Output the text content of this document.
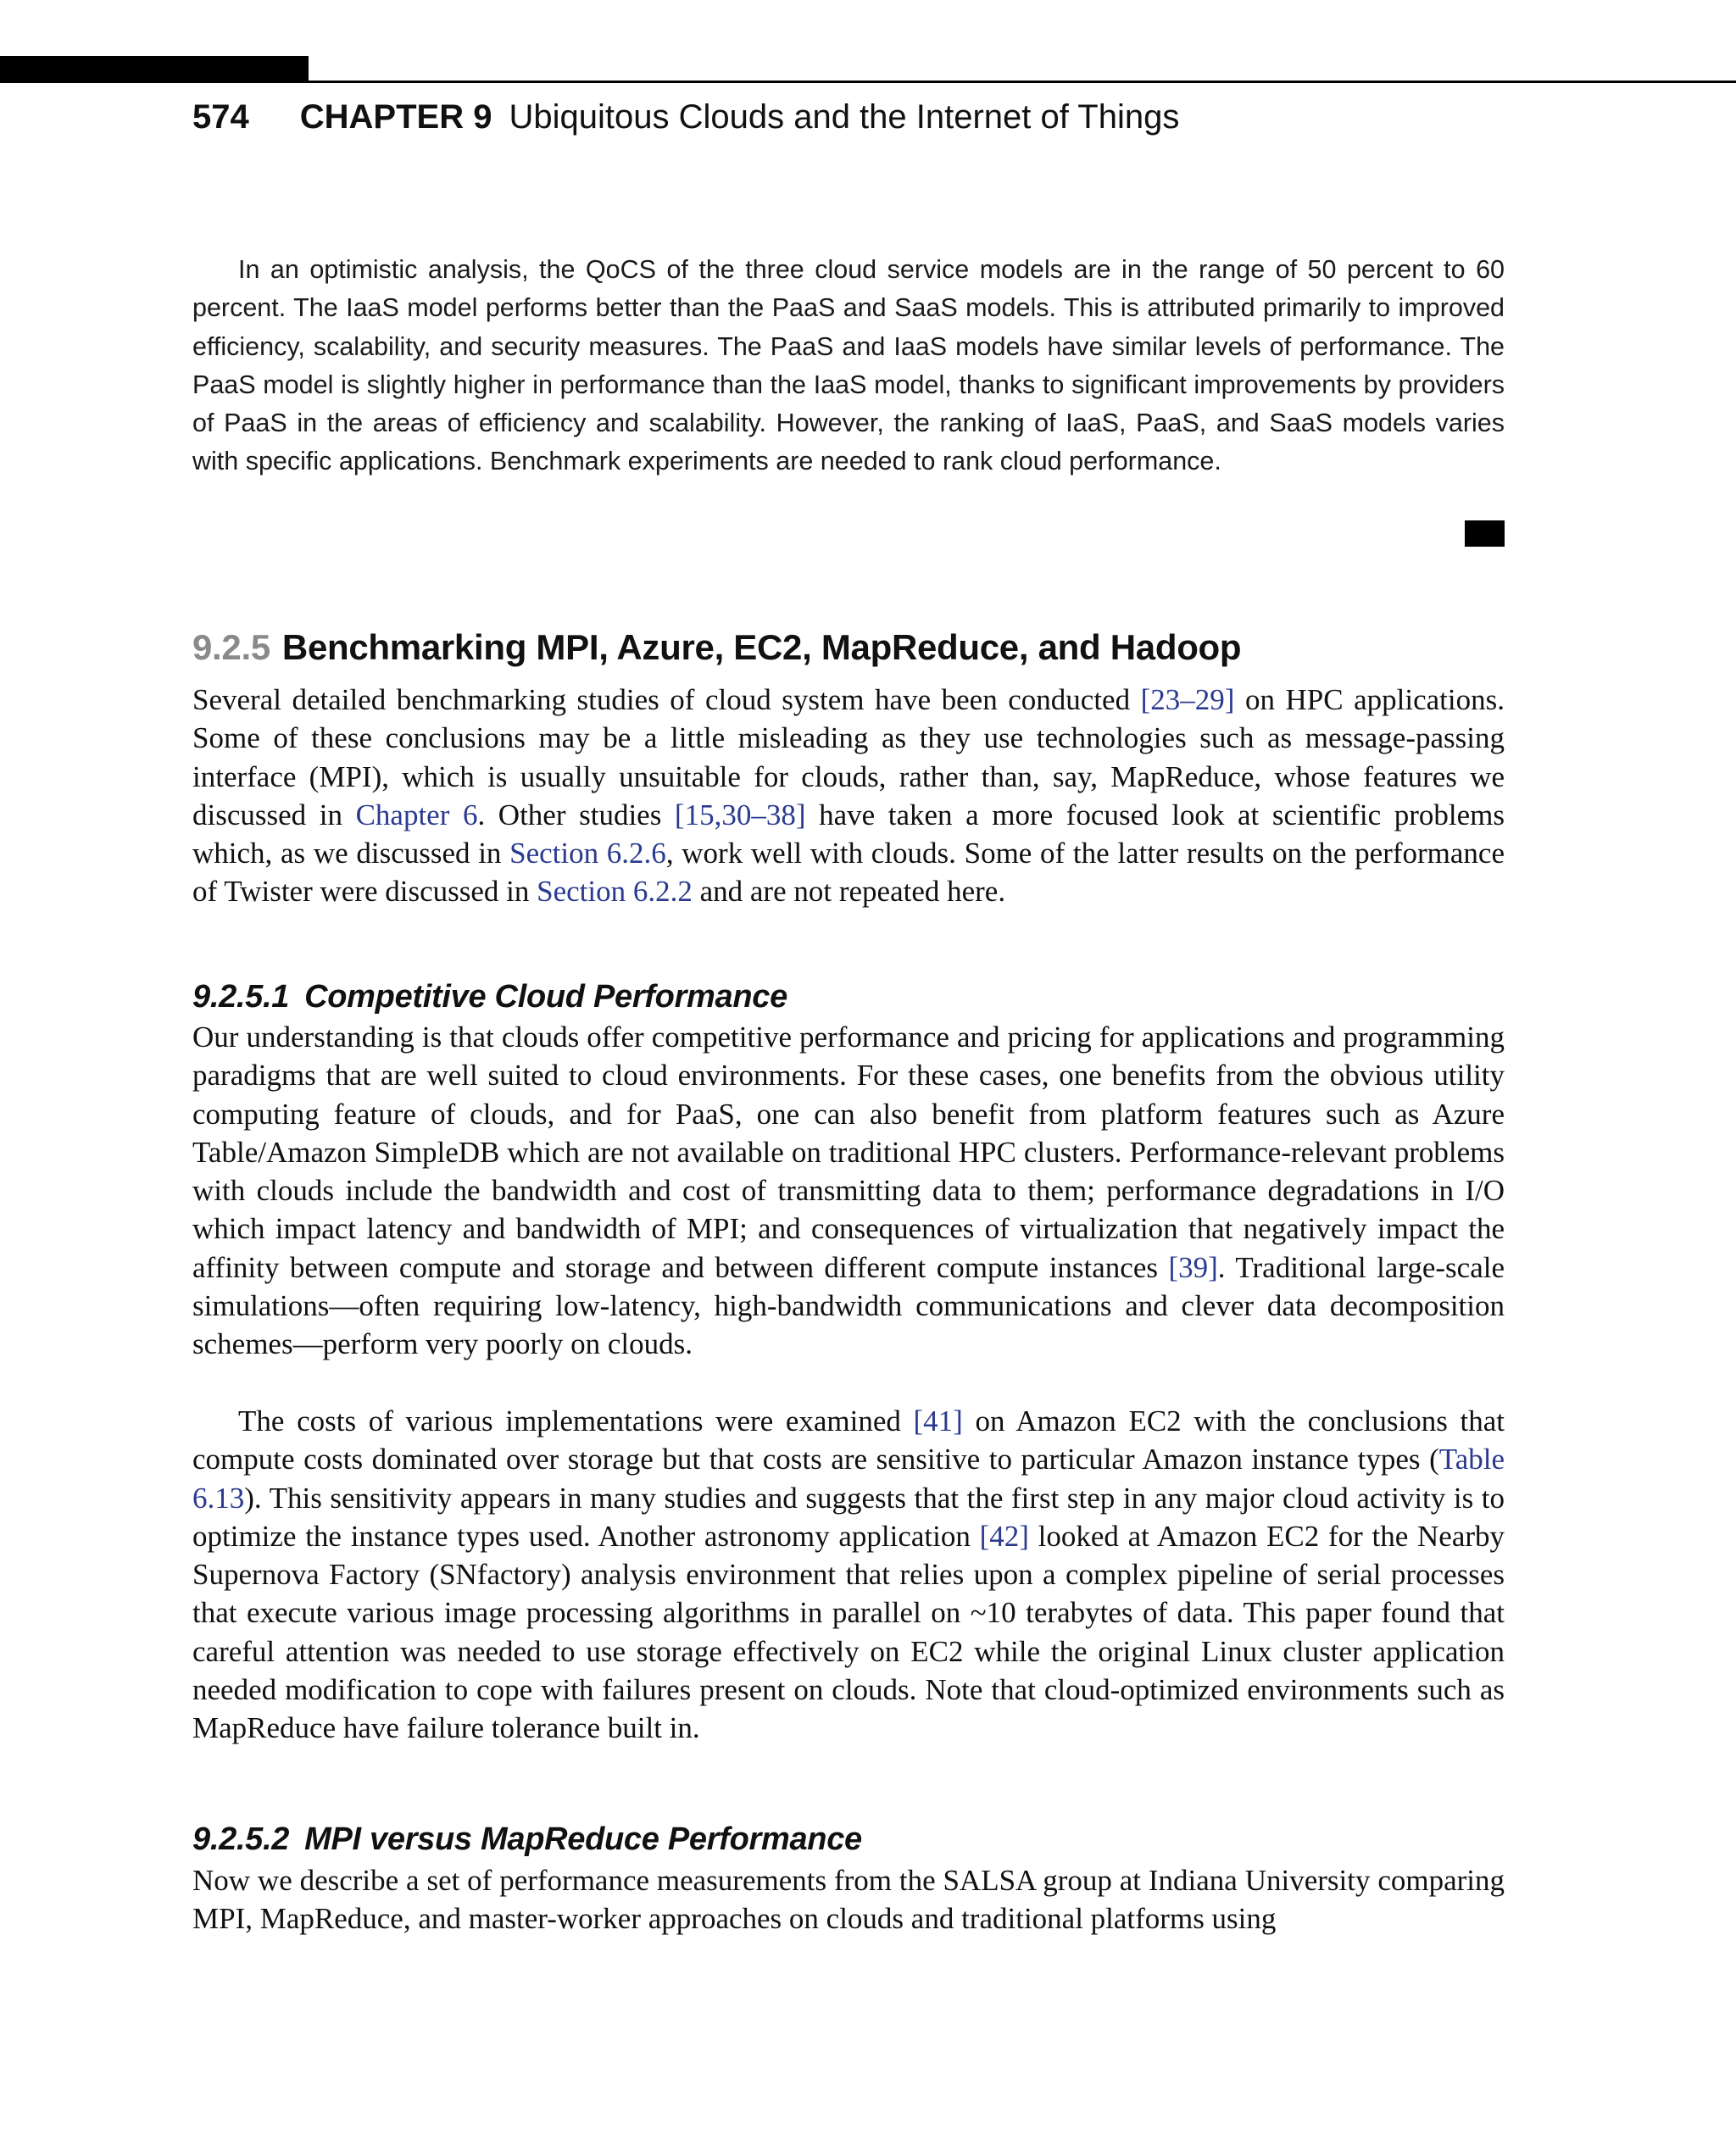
574 CHAPTER 9 Ubiquitous Clouds and the Internet of Things

In an optimistic analysis, the QoCS of the three cloud service models are in the range of 50 percent to 60 percent. The IaaS model performs better than the PaaS and SaaS models. This is attributed primarily to improved efficiency, scalability, and security measures. The PaaS and IaaS models have similar levels of performance. The PaaS model is slightly higher in performance than the IaaS model, thanks to significant improvements by providers of PaaS in the areas of efficiency and scalability. However, the ranking of IaaS, PaaS, and SaaS models varies with specific applications. Benchmark experiments are needed to rank cloud performance.

9.2.5 Benchmarking MPI, Azure, EC2, MapReduce, and Hadoop

Several detailed benchmarking studies of cloud system have been conducted [23–29] on HPC applications. Some of these conclusions may be a little misleading as they use technologies such as message-passing interface (MPI), which is usually unsuitable for clouds, rather than, say, MapReduce, whose features we discussed in Chapter 6. Other studies [15,30–38] have taken a more focused look at scientific problems which, as we discussed in Section 6.2.6, work well with clouds. Some of the latter results on the performance of Twister were discussed in Section 6.2.2 and are not repeated here.

9.2.5.1 Competitive Cloud Performance

Our understanding is that clouds offer competitive performance and pricing for applications and programming paradigms that are well suited to cloud environments. For these cases, one benefits from the obvious utility computing feature of clouds, and for PaaS, one can also benefit from platform features such as Azure Table/Amazon SimpleDB which are not available on traditional HPC clusters. Performance-relevant problems with clouds include the bandwidth and cost of transmitting data to them; performance degradations in I/O which impact latency and bandwidth of MPI; and consequences of virtualization that negatively impact the affinity between compute and storage and between different compute instances [39]. Traditional large-scale simulations—often requiring low-latency, high-bandwidth communications and clever data decomposition schemes—perform very poorly on clouds.

The costs of various implementations were examined [41] on Amazon EC2 with the conclusions that compute costs dominated over storage but that costs are sensitive to particular Amazon instance types (Table 6.13). This sensitivity appears in many studies and suggests that the first step in any major cloud activity is to optimize the instance types used. Another astronomy application [42] looked at Amazon EC2 for the Nearby Supernova Factory (SNfactory) analysis environment that relies upon a complex pipeline of serial processes that execute various image processing algorithms in parallel on ~10 terabytes of data. This paper found that careful attention was needed to use storage effectively on EC2 while the original Linux cluster application needed modification to cope with failures present on clouds. Note that cloud-optimized environments such as MapReduce have failure tolerance built in.

9.2.5.2 MPI versus MapReduce Performance

Now we describe a set of performance measurements from the SALSA group at Indiana University comparing MPI, MapReduce, and master-worker approaches on clouds and traditional platforms using
